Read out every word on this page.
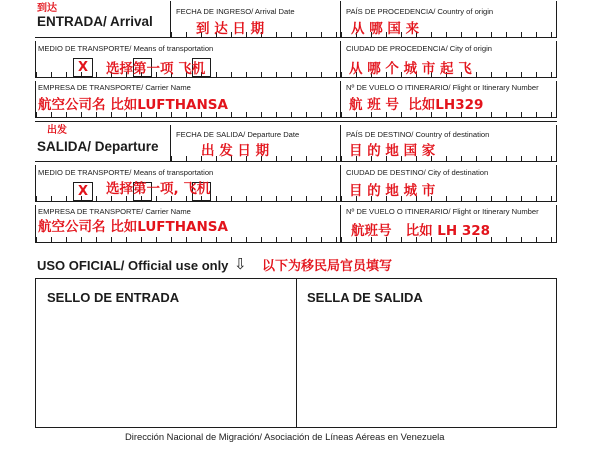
到达
ENTRADA/ Arrival
FECHA DE INGRESO/ Arrival Date
到 达 日 期
PAÍS DE PROCEDENCIA/ Country of origin
从 哪 国 来
MEDIO DE TRANSPORTE/ Means of transportation
X 选择第一项 飞机
CIUDAD DE PROCEDENCIA/ City of origin
从 哪 个 城 市 起 飞
EMPRESA DE TRANSPORTE/ Carrier Name
航空公司名 比如LUFTHANSA
Nº DE VUELO O ITINERARIO/ Flight or Itinerary Number
航 班 号  比如LH329
出发
SALIDA/ Departure
FECHA DE SALIDA/ Departure Date
出 发 日 期
PAÍS DE DESTINO/ Country of destination
目 的 地 国 家
MEDIO DE TRANSPORTE/ Means of transportation
X 选择第一项, 飞机
CIUDAD DE DESTINO/ City of destination
目 的 地 城 市
EMPRESA DE TRANSPORTE/ Carrier Name
航空公司名 比如LUFTHANSA
Nº DE VUELO O ITINERARIO/ Flight or Itinerary Number
航班号   比如 LH 328
USO OFICIAL/ Official use only ⇩ 以下为移民局官员填写
SELLO DE ENTRADA	SELLA DE SALIDA
Dirección Nacional de Migración/ Asociación de Líneas Aéreas en Venezuela
